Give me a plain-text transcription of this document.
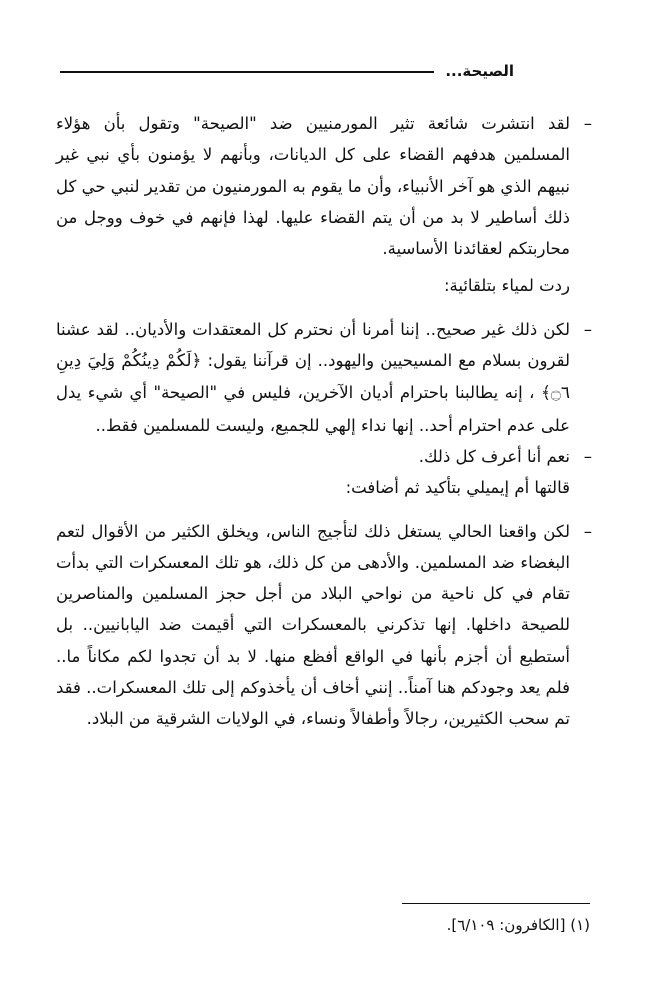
الصيحة...

– لقد انتشرت شائعة تثير المورمنيين ضد "الصيحة" وتقول بأن هؤلاء المسلمين هدفهم القضاء على كل الديانات، وبأنهم لا يؤمنون بأي نبي غير نبيهم الذي هو آخر الأنبياء، وأن ما يقوم به المورمنيون من تقدير لنبي حي كل ذلك أساطير لا بد من أن يتم القضاء عليها. لهذا فإنهم في خوف ووجل من محاربتكم لعقائدنا الأساسية.

ردت لمياء بتلقائية:

– لكن ذلك غير صحيح.. إننا أمرنا أن نحترم كل المعتقدات والأديان.. لقد عشنا لقرون بسلام مع المسيحيين واليهود.. إن قرآننا يقول: ﴿لَكُمْ دِينُكُمْ وَلِيَ دِينِ ۝٦﴾ ، إنه يطالبنا باحترام أديان الآخرين، فليس في "الصيحة" أي شيء يدل على عدم احترام أحد.. إنها نداء إلهي للجميع، وليست للمسلمين فقط..

– نعم أنا أعرف كل ذلك.

قالتها أم إيميلي بتأكيد ثم أضافت:

– لكن واقعنا الحالي يستغل ذلك لتأجيج الناس، ويخلق الكثير من الأقوال لتعم البغضاء ضد المسلمين. والأدهى من كل ذلك، هو تلك المعسكرات التي بدأت تقام في كل ناحية من نواحي البلاد من أجل حجز المسلمين والمناصرين للصيحة داخلها. إنها تذكرني بالمعسكرات التي أقيمت ضد اليابانيين.. بل أستطيع أن أجزم بأنها في الواقع أفظع منها. لا بد أن تجدوا لكم مكاناً ما.. فلم يعد وجودكم هنا آمناً.. إنني أخاف أن يأخذوكم إلى تلك المعسكرات.. فقد تم سحب الكثيرين، رجالاً وأطفالاً ونساء، في الولايات الشرقية من البلاد.

(١) [الكافرون: ٦/١٠٩].
